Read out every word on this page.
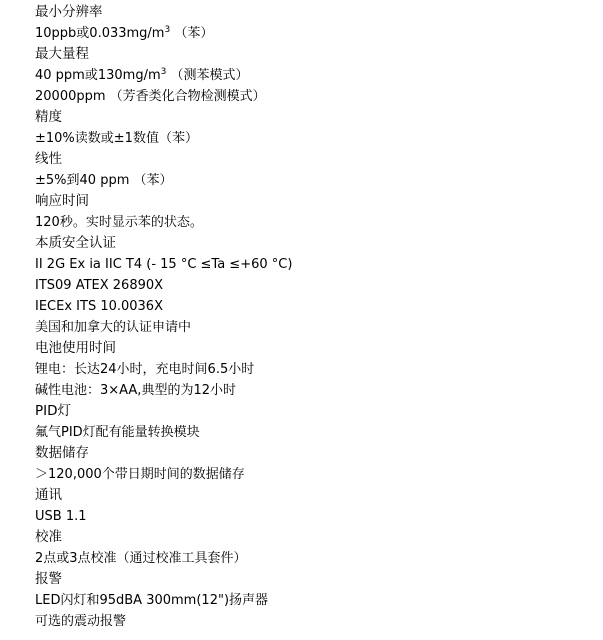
最小分辨率
10ppb或$0.033mg/m^3$ （苯）
最大量程
40 ppm或$130mg/m^3$ （测苯模式）
20000ppm （芳香类化合物检测模式）
精度
±10%读数或±1数值（苯）
线性
±5%到40 ppm （苯）
响应时间
120秒。实时显示苯的状态。
本质安全认证
II 2G Ex ia IIC T4 (- 15 °C ≤Ta ≤+60 °C)
ITS09 ATEX 26890X
IECEx ITS 10.0036X
美国和加拿大的认证申请中
电池使用时间
锂电：长达24小时，充电时间6.5小时
碱性电池：3×AA,典型的为12小时
PID灯
氟气PID灯配有能量转换模块
数据储存
＞120,000个带日期时间的数据储存
通讯
USB 1.1
校准
2点或3点校准（通过校准工具套件）
报警
LED闪灯和95dBA 300mm(12")扬声器
可选的震动报警
